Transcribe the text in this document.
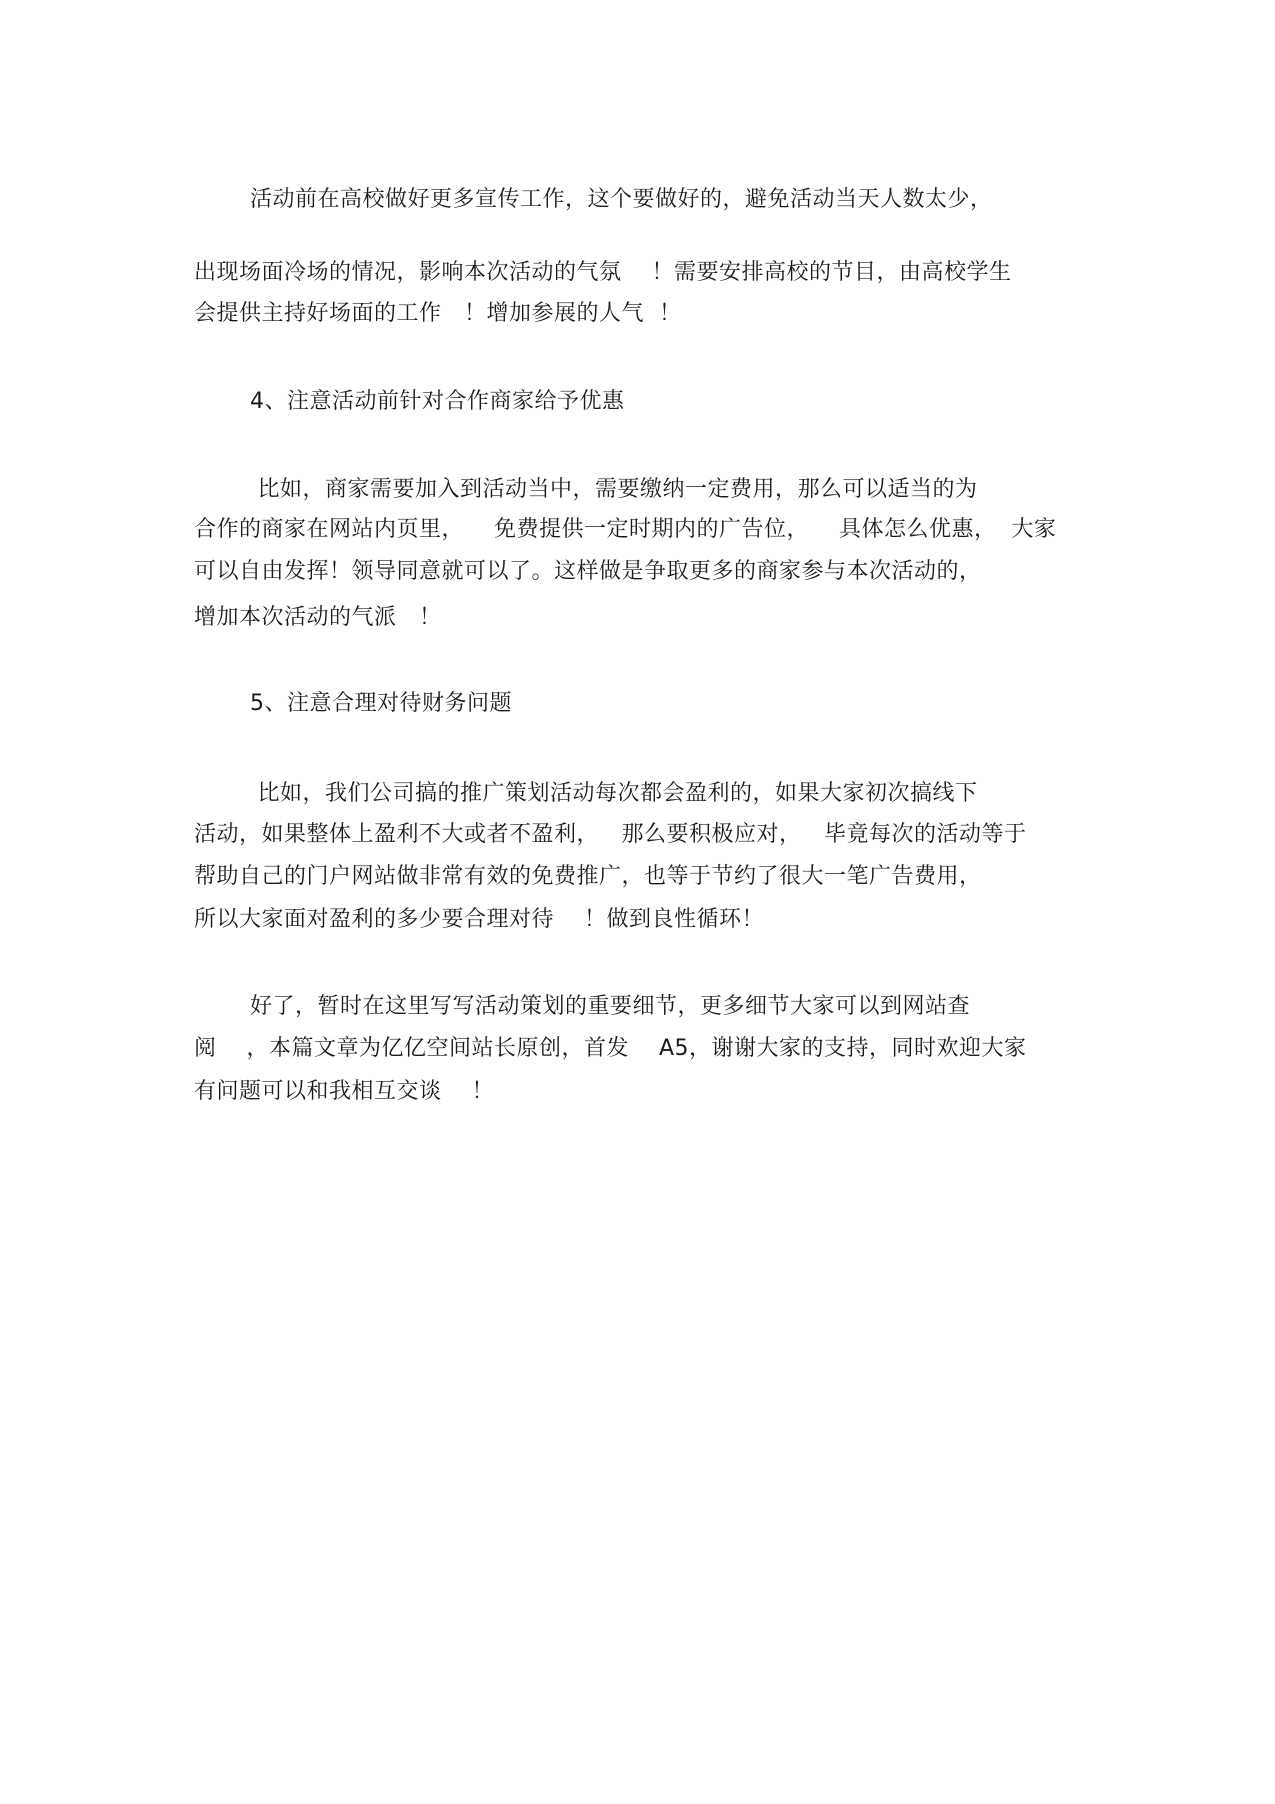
活动前在高校做好更多宣传工作，这个要做好的，避免活动当天人数太少，
出现场面冷场的情况，影响本次活动的气氛    ！需要安排高校的节目，由高校学生
会提供主持好场面的工作   ！增加参展的人气  ！
4、注意活动前针对合作商家给予优惠
比如，商家需要加入到活动当中，需要缴纳一定费用，那么可以适当的为
合作的商家在网站内页里，    免费提供一定时期内的广告位，    具体怎么优惠，  大家
可以自由发挥！领导同意就可以了。这样做是争取更多的商家参与本次活动的，
增加本次活动的气派   ！
5、注意合理对待财务问题
比如，我们公司搞的推广策划活动每次都会盈利的，如果大家初次搞线下
活动，如果整体上盈利不大或者不盈利，   那么要积极应对，   毕竟每次的活动等于
帮助自己的门户网站做非常有效的免费推广，也等于节约了很大一笔广告费用，
所以大家面对盈利的多少要合理对待    ！做到良性循环！
好了，暂时在这里写写活动策划的重要细节，更多细节大家可以到网站查
阅    ，本篇文章为亿亿空间站长原创，首发    A5，谢谢大家的支持，同时欢迎大家
有问题可以和我相互交谈    ！
